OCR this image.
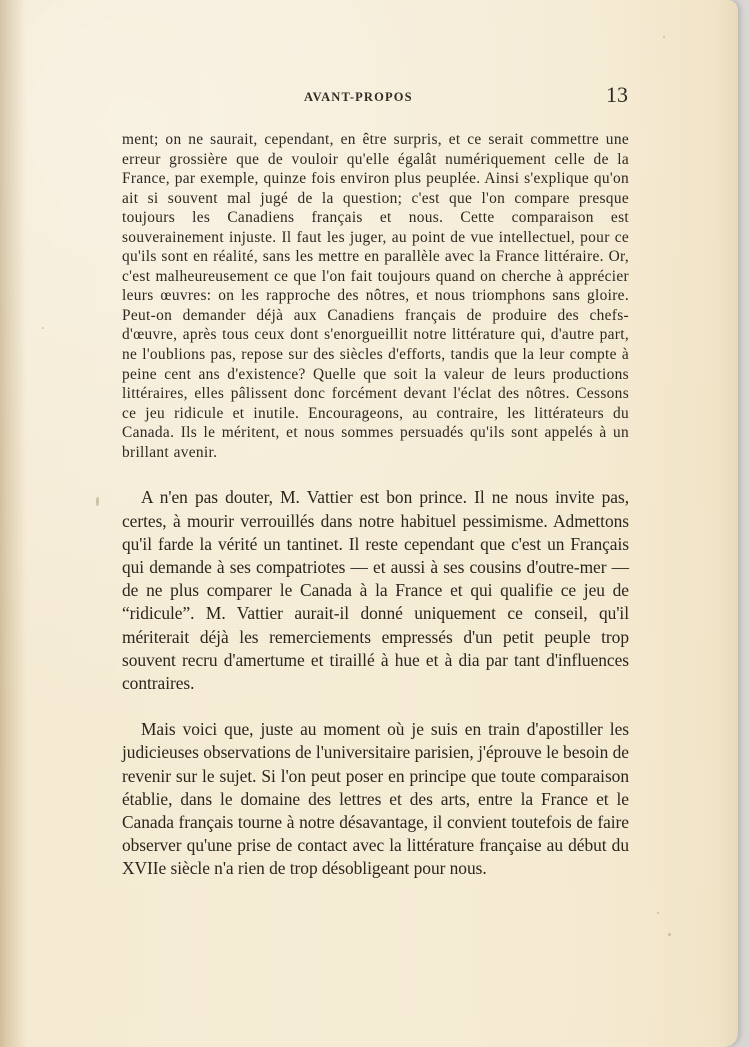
AVANT-PROPOS	13

ment; on ne saurait, cependant, en être surpris, et ce serait commettre une erreur grossière que de vouloir qu'elle égalât numériquement celle de la France, par exemple, quinze fois environ plus peuplée. Ainsi s'explique qu'on ait si souvent mal jugé de la question; c'est que l'on compare presque toujours les Canadiens français et nous. Cette comparaison est souverainement injuste. Il faut les juger, au point de vue intellectuel, pour ce qu'ils sont en réalité, sans les mettre en parallèle avec la France littéraire. Or, c'est malheureusement ce que l'on fait toujours quand on cherche à apprécier leurs œuvres: on les rapproche des nôtres, et nous triomphons sans gloire. Peut-on demander déjà aux Canadiens français de produire des chefs-d'œuvre, après tous ceux dont s'enorgueillit notre littérature qui, d'autre part, ne l'oublions pas, repose sur des siècles d'efforts, tandis que la leur compte à peine cent ans d'existence? Quelle que soit la valeur de leurs productions littéraires, elles pâlissent donc forcément devant l'éclat des nôtres. Cessons ce jeu ridicule et inutile. Encourageons, au contraire, les littérateurs du Canada. Ils le méritent, et nous sommes persuadés qu'ils sont appelés à un brillant avenir.

A n'en pas douter, M. Vattier est bon prince. Il ne nous invite pas, certes, à mourir verrouillés dans notre habituel pessimisme. Admettons qu'il farde la vérité un tantinet. Il reste cependant que c'est un Français qui demande à ses compatriotes — et aussi à ses cousins d'outre-mer — de ne plus comparer le Canada à la France et qui qualifie ce jeu de “ridicule”. M. Vattier aurait-il donné uniquement ce conseil, qu'il mériterait déjà les remerciements empressés d'un petit peuple trop souvent recru d'amertume et tiraillé à hue et à dia par tant d'influences contraires.

Mais voici que, juste au moment où je suis en train d'apostiller les judicieuses observations de l'universitaire parisien, j'éprouve le besoin de revenir sur le sujet. Si l'on peut poser en principe que toute comparaison établie, dans le domaine des lettres et des arts, entre la France et le Canada français tourne à notre désavantage, il convient toutefois de faire observer qu'une prise de contact avec la littérature française au début du XVIIe siècle n'a rien de trop désobligeant pour nous.
